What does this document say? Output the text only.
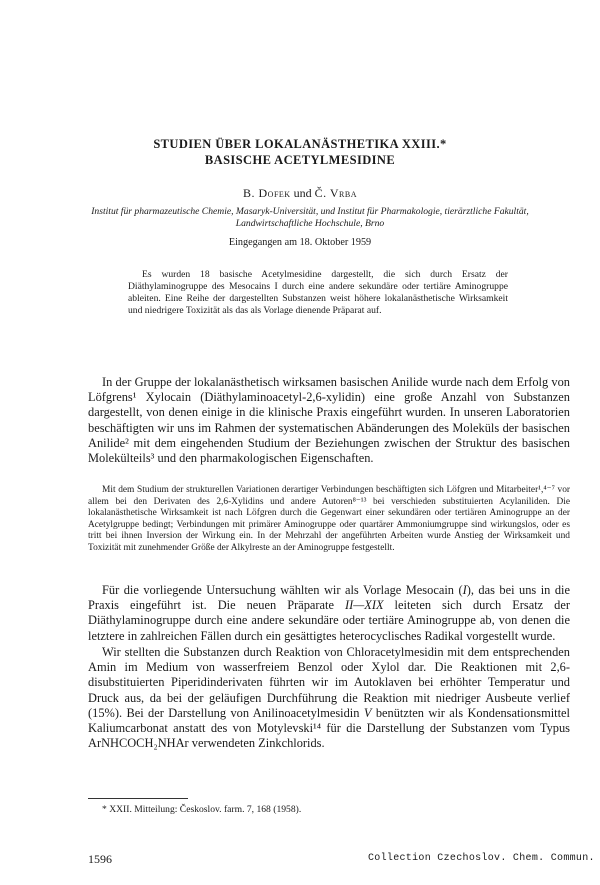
STUDIEN ÜBER LOKALANÄSTHETIKA XXIII.*
BASISCHE ACETYLMESIDINE
B. Dofek und Č. Vrba
Institut für pharmazeutische Chemie, Masaryk-Universität, und Institut für Pharmakologie, tierärztliche Fakultät, Landwirtschaftliche Hochschule, Brno
Eingegangen am 18. Oktober 1959

Es wurden 18 basische Acetylmesidine dargestellt, die sich durch Ersatz der Diäthylaminogruppe des Mesocains I durch eine andere sekundäre oder tertiäre Aminogruppe ableiten. Eine Reihe der dargestellten Substanzen weist höhere lokalanästhetische Wirksamkeit und niedrigere Toxizität als das als Vorlage dienende Präparat auf.

In der Gruppe der lokalanästhetisch wirksamen basischen Anilide wurde nach dem Erfolg von Löfgrens¹ Xylocain (Diäthylaminoacetyl-2,6-xylidin) eine große Anzahl von Substanzen dargestellt, von denen einige in die klinische Praxis eingeführt wurden. In unseren Laboratorien beschäftigten wir uns im Rahmen der systematischen Abänderungen des Moleküls der basischen Anilide² mit dem eingehenden Studium der Beziehungen zwischen der Struktur des basischen Molekülteils³ und den pharmakologischen Eigenschaften.

Mit dem Studium der strukturellen Variationen derartiger Verbindungen beschäftigten sich Löfgren und Mitarbeiter¹,⁴⁻⁷ vor allem bei den Derivaten des 2,6-Xylidins und andere Autoren⁸⁻¹³ bei verschieden substituierten Acylaniliden. Die lokalanästhetische Wirksamkeit ist nach Löfgren durch die Gegenwart einer sekundären oder tertiären Aminogruppe an der Acetylgruppe bedingt; Verbindungen mit primärer Aminogruppe oder quartärer Ammoniumgruppe sind wirkungslos, oder es tritt bei ihnen Inversion der Wirkung ein. In der Mehrzahl der angeführten Arbeiten wurde Anstieg der Wirksamkeit und Toxizität mit zunehmender Größe der Alkylreste an der Aminogruppe festgestellt.

Für die vorliegende Untersuchung wählten wir als Vorlage Mesocain (I), das bei uns in die Praxis eingeführt ist. Die neuen Präparate II—XIX leiteten sich durch Ersatz der Diäthylaminogruppe durch eine andere sekundäre oder tertiäre Aminogruppe ab, von denen die letztere in zahlreichen Fällen durch ein gesättigtes heterocyclisches Radikal vorgestellt wurde.

Wir stellten die Substanzen durch Reaktion von Chloracetylmesidin mit dem entsprechenden Amin im Medium von wasserfreiem Benzol oder Xylol dar. Die Reaktionen mit 2,6-disubstituierten Piperidinderivaten führten wir im Autoklaven bei erhöhter Temperatur und Druck aus, da bei der geläufigen Durchführung die Reaktion mit niedriger Ausbeute verlief (15%). Bei der Darstellung von Anilinoacetylmesidin V benützten wir als Kondensationsmittel Kaliumcarbonat anstatt des von Motylevski¹⁴ für die Darstellung der Substanzen vom Typus ArNHCOCH₂NHAr verwendeten Zinkchlorids.

* XXII. Mitteilung: Českoslov. farm. 7, 168 (1958).

1596	Collection Czechoslov. Chem. Commun.
